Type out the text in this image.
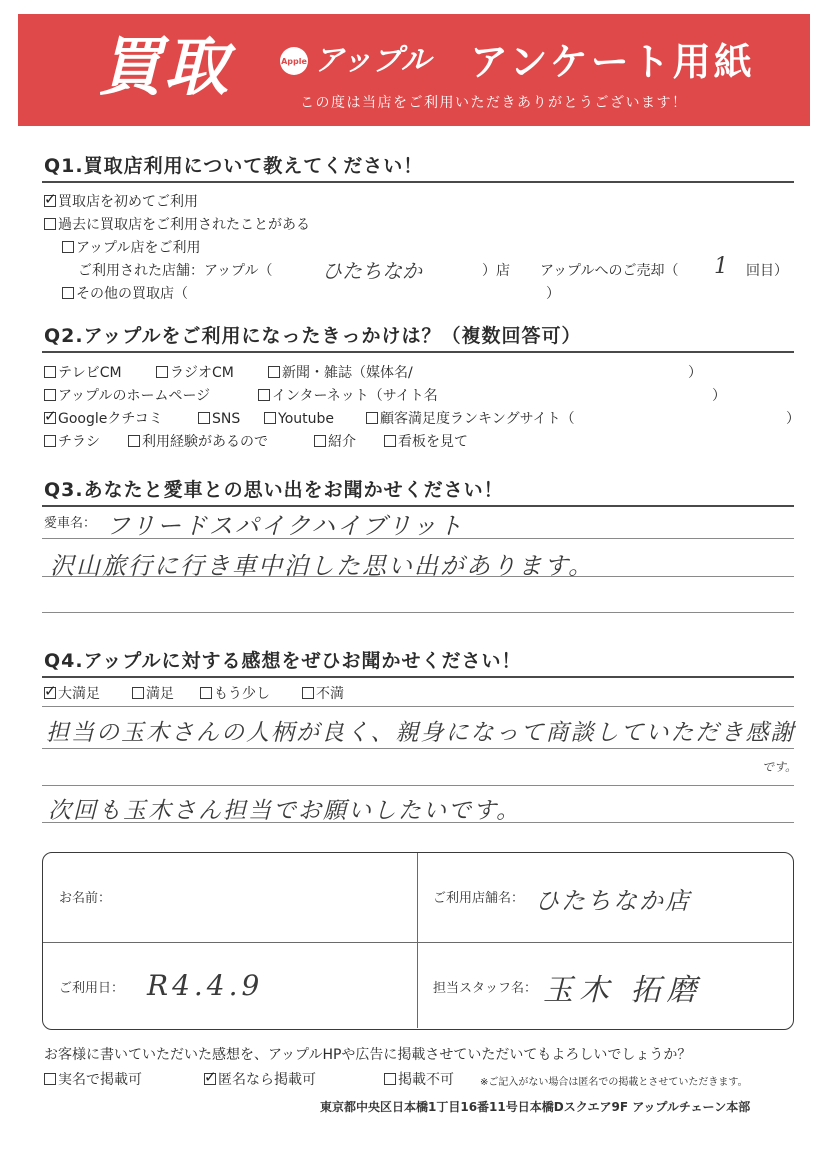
買取	Apple アップル アンケート用紙
この度は当店をご利用いただきありがとうございます！
Q1.買取店利用について教えてください！
✓買取店を初めてご利用
過去に買取店をご利用されたことがある
アップル店をご利用
ご利用された店舗：アップル（ ひたちなか	）店 アップルへのご売却（ 1 回目）
その他の買取店（	）
Q2.アップルをご利用になったきっかけは？（複数回答可）
テレビCM	ラジオCM	新聞・雑誌（媒体名/	）
アップルのホームページ	インターネット（サイト名	）
✓Googleクチコミ	SNS	Youtube	顧客満足度ランキングサイト（	）
チラシ	利用経験があるので	紹介	看板を見て
Q3.あなたと愛車との思い出をお聞かせください！
愛車名： フリードスパイクハイブリット
沢山旅行に行き車中泊した思い出があります。
Q4.アップルに対する感想をぜひお聞かせください！
✓大満足	満足	もう少し	不満
担当の玉木さんの人柄が良く、親身になって商談していただき感謝
です。
次回も玉木さん担当でお願いしたいです。
お名前：	ご利用店舗名： ひたちなか店
ご利用日： R4.4.9	担当スタッフ名： 玉木 拓磨
お客様に書いていただいた感想を、アップルHPや広告に掲載させていただいてもよろしいでしょうか？
実名で掲載可
✓	匿名なら掲載可	掲載不可	※ご記入がない場合は匿名での掲載とさせていただきます。
東京都中央区日本橋1丁目16番11号日本橋Dスクエア9F アップルチェーン本部
